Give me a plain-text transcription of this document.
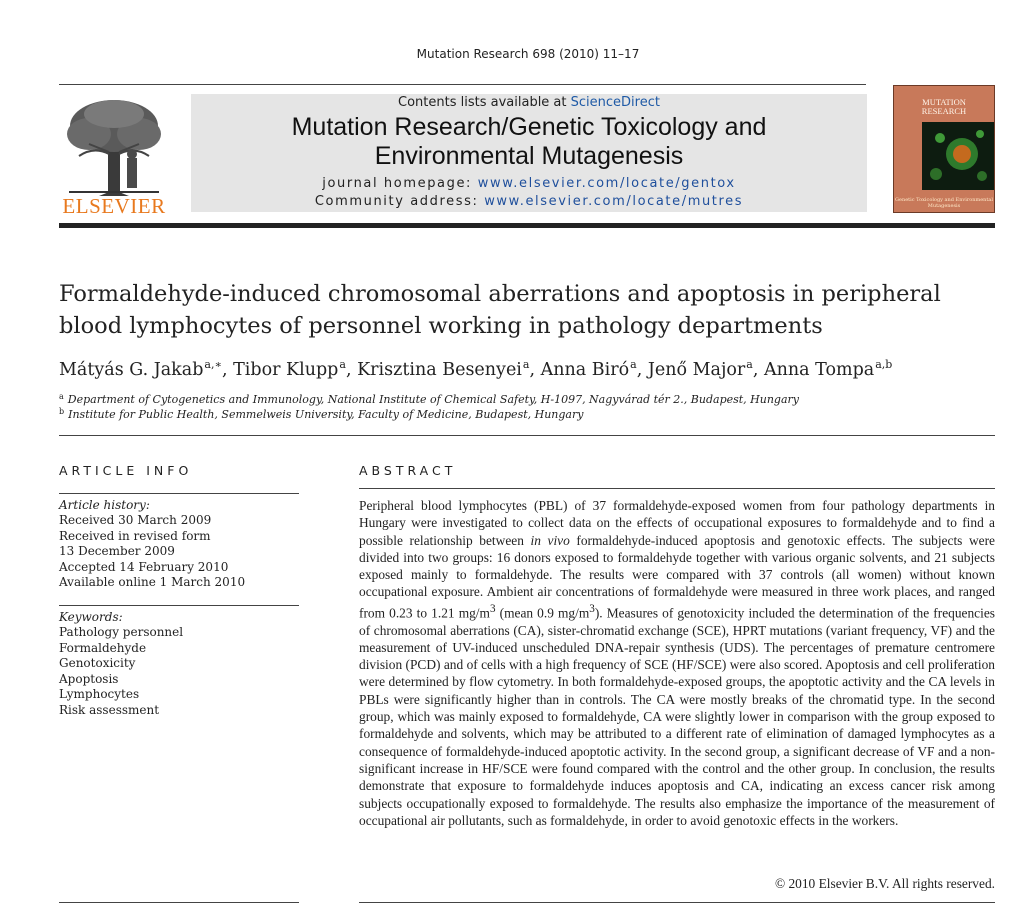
Mutation Research 698 (2010) 11–17
ELSEVIER
Contents lists available at ScienceDirect
Mutation Research/Genetic Toxicology and
Environmental Mutagenesis
journal homepage: www.elsevier.com/locate/gentox
Community address: www.elsevier.com/locate/mutres
MUTATION
RESEARCH
Genetic Toxicology and Environmental Mutagenesis
Formaldehyde-induced chromosomal aberrations and apoptosis in peripheral blood lymphocytes of personnel working in pathology departments
Mátyás G. Jakab$^{a,∗}$, Tibor Klupp$^a$, Krisztina Besenyei$^a$, Anna Biró$^a$, Jenő Major$^a$, Anna Tompa$^{a,b}$
$^a$ Department of Cytogenetics and Immunology, National Institute of Chemical Safety, H-1097, Nagyvárad tér 2., Budapest, Hungary
$^b$ Institute for Public Health, Semmelweis University, Faculty of Medicine, Budapest, Hungary
ARTICLE INFO
Article history:
Received 30 March 2009
Received in revised form
13 December 2009
Accepted 14 February 2010
Available online 1 March 2010
Keywords:
Pathology personnel
Formaldehyde
Genotoxicity
Apoptosis
Lymphocytes
Risk assessment
ABSTRACT
Peripheral blood lymphocytes (PBL) of 37 formaldehyde-exposed women from four pathology departments in Hungary were investigated to collect data on the effects of occupational exposures to formaldehyde and to find a possible relationship between in vivo formaldehyde-induced apoptosis and genotoxic effects. The subjects were divided into two groups: 16 donors exposed to formaldehyde together with various organic solvents, and 21 subjects exposed mainly to formaldehyde. The results were compared with 37 controls (all women) without known occupational exposure. Ambient air concentrations of formaldehyde were measured in three work places, and ranged from 0.23 to 1.21 $mg/m^3$ (mean 0.9 $mg/m^3$). Measures of genotoxicity included the determination of the frequencies of chromosomal aberrations (CA), sister-chromatid exchange (SCE), HPRT mutations (variant frequency, VF) and the measurement of UV-induced unscheduled DNA-repair synthesis (UDS). The percentages of premature centromere division (PCD) and of cells with a high frequency of SCE (HF/SCE) were also scored. Apoptosis and cell proliferation were determined by flow cytometry. In both formaldehyde-exposed groups, the apoptotic activity and the CA levels in PBLs were significantly higher than in controls. The CA were mostly breaks of the chromatid type. In the second group, which was mainly exposed to formaldehyde, CA were slightly lower in comparison with the group exposed to formaldehyde and solvents, which may be attributed to a different rate of elimination of damaged lymphocytes as a consequence of formaldehyde-induced apoptotic activity. In the second group, a significant decrease of VF and a non-significant increase in HF/SCE were found compared with the control and the other group. In conclusion, the results demonstrate that exposure to formaldehyde induces apoptosis and CA, indicating an excess cancer risk among subjects occupationally exposed to formaldehyde. The results also emphasize the importance of the measurement of occupational air pollutants, such as formaldehyde, in order to avoid genotoxic effects in the workers.
© 2010 Elsevier B.V. All rights reserved.
